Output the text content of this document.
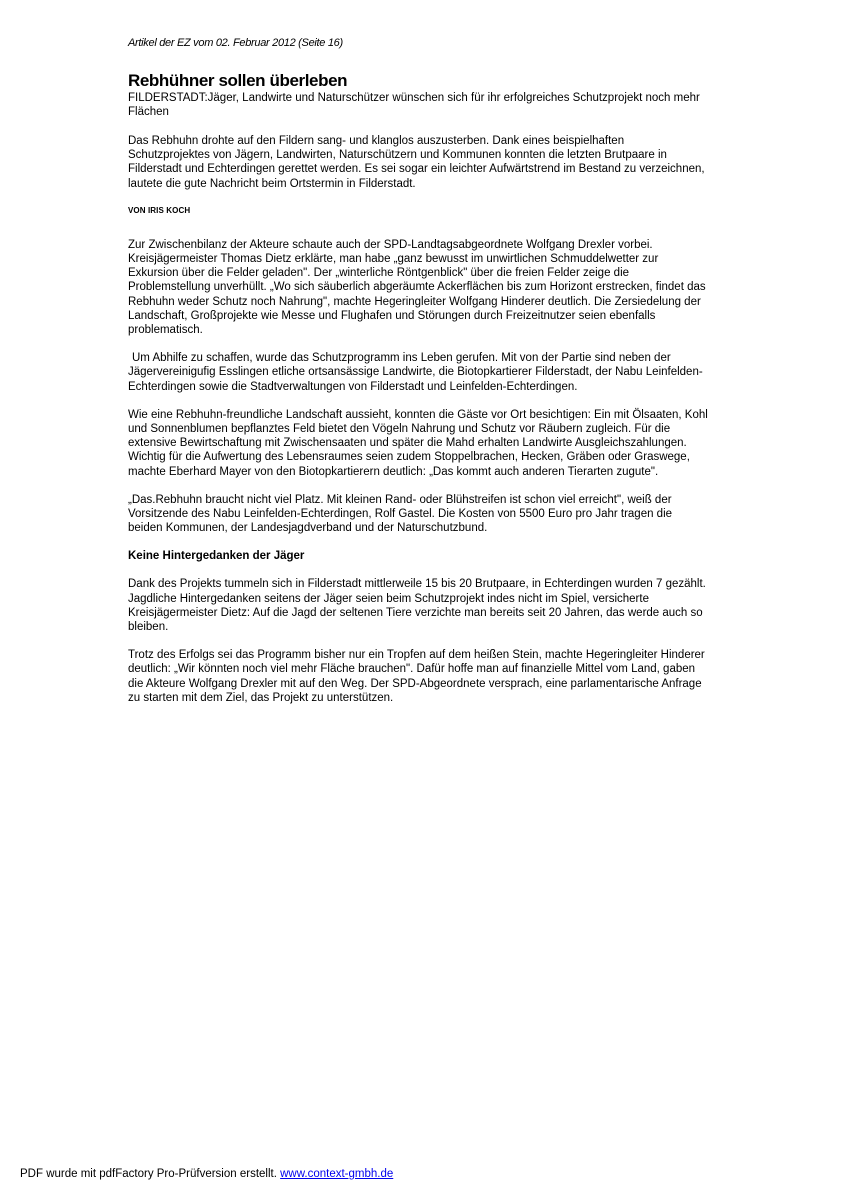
Artikel der EZ vom 02. Februar 2012 (Seite 16)
Rebhühner sollen überleben

FILDERSTADT:Jäger, Landwirte und Naturschützer wünschen sich für ihr erfolgreiches Schutzprojekt noch mehr Flächen

Das Rebhuhn drohte auf den Fildern sang- und klanglos auszusterben. Dank eines beispielhaften Schutzprojektes von Jägern, Landwirten, Naturschützern und Kommunen konnten die letzten Brutpaare in Filderstadt und Echterdingen gerettet werden. Es sei sogar ein leichter Aufwärtstrend im Bestand zu verzeichnen, lautete die gute Nachricht beim Ortstermin in Filderstadt.

VON IRIS KOCH

Zur Zwischenbilanz der Akteure schaute auch der SPD-Landtagsabgeordnete Wolfgang Drexler vorbei. Kreisjägermeister Thomas Dietz erklärte, man habe „ganz bewusst im unwirtlichen Schmuddelwetter zur Exkursion über die Felder geladen". Der „winterliche Röntgenblick" über die freien Felder zeige die Problemstellung unverhüllt. „Wo sich säuberlich abgeräumte Ackerflächen bis zum Horizont erstrecken, findet das Rebhuhn weder Schutz noch Nahrung", machte Hegeringleiter Wolfgang Hinderer deutlich. Die Zersiedelung der Landschaft, Großprojekte wie Messe und Flughafen und Störungen durch Freizeitnutzer seien ebenfalls problematisch.

Um Abhilfe zu schaffen, wurde das Schutzprogramm ins Leben gerufen. Mit von der Partie sind neben der Jägervereinigufig Esslingen etliche ortsansässige Landwirte, die Biotopkartierer Filderstadt, der Nabu Leinfelden-Echterdingen sowie die Stadtverwaltungen von Filderstadt und Leinfelden-Echterdingen.

Wie eine Rebhuhn-freundliche Landschaft aussieht, konnten die Gäste vor Ort besichtigen: Ein mit Ölsaaten, Kohl und Sonnenblumen bepflanztes Feld bietet den Vögeln Nahrung und Schutz vor Räubern zugleich. Für die extensive Bewirtschaftung mit Zwischensaaten und später die Mahd erhalten Landwirte Ausgleichszahlungen. Wichtig für die Aufwertung des Lebensraumes seien zudem Stoppelbrachen, Hecken, Gräben oder Graswege, machte Eberhard Mayer von den Biotopkartierern deutlich: „Das kommt auch anderen Tierarten zugute".

„Das.Rebhuhn braucht nicht viel Platz. Mit kleinen Rand- oder Blühstreifen ist schon viel erreicht", weiß der Vorsitzende des Nabu Leinfelden-Echterdingen, Rolf Gastel. Die Kosten von 5500 Euro pro Jahr tragen die beiden Kommunen, der Landesjagdverband und der Naturschutzbund.

Keine Hintergedanken der Jäger

Dank des Projekts tummeln sich in Filderstadt mittlerweile 15 bis 20 Brutpaare, in Echterdingen wurden 7 gezählt. Jagdliche Hintergedanken seitens der Jäger seien beim Schutzprojekt indes nicht im Spiel, versicherte Kreisjägermeister Dietz: Auf die Jagd der seltenen Tiere verzichte man bereits seit 20 Jahren, das werde auch so bleiben.

Trotz des Erfolgs sei das Programm bisher nur ein Tropfen auf dem heißen Stein, machte Hegeringleiter Hinderer deutlich: „Wir könnten noch viel mehr Fläche brauchen". Dafür hoffe man auf finanzielle Mittel vom Land, gaben die Akteure Wolfgang Drexler mit auf den Weg. Der SPD-Abgeordnete versprach, eine parlamentarische Anfrage zu starten mit dem Ziel, das Projekt zu unterstützen.

PDF wurde mit pdfFactory Pro-Prüfversion erstellt. www.context-gmbh.de
